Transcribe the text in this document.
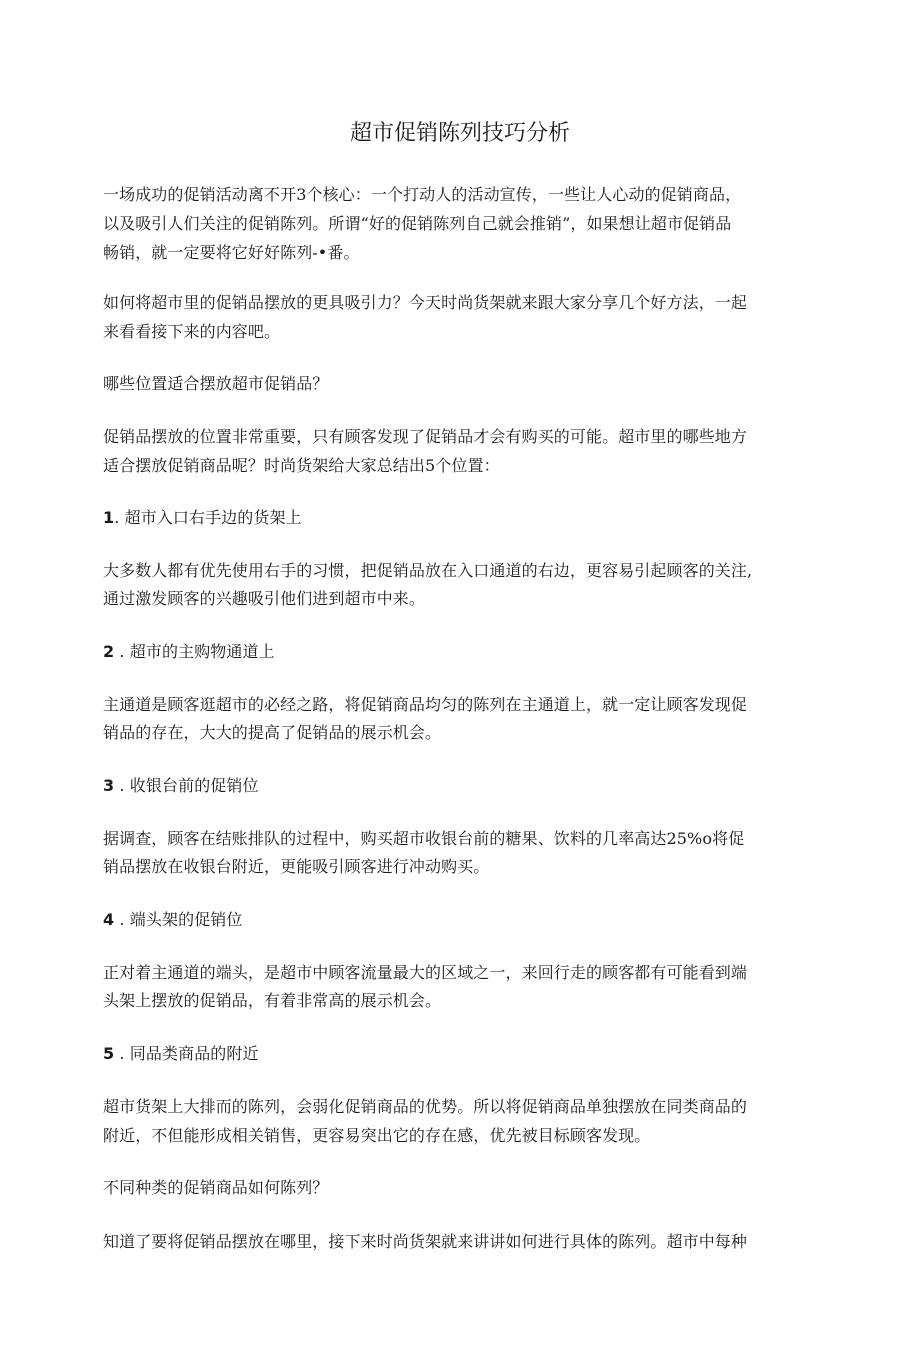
超市促销陈列技巧分析
一场成功的促销活动离不开3个核心：一个打动人的活动宣传，一些让人心动的促销商品，
以及吸引人们关注的促销陈列。所谓“好的促销陈列自己就会推销”，如果想让超市促销品
畅销，就一定要将它好好陈列-•番。
如何将超市里的促销品摆放的更具吸引力？今天时尚货架就来跟大家分享几个好方法，一起
来看看接下来的内容吧。
哪些位置适合摆放超市促销品？
促销品摆放的位置非常重要，只有顾客发现了促销品才会有购买的可能。超市里的哪些地方
适合摆放促销商品呢？时尚货架给大家总结出5个位置：
1. 超市入口右手边的货架上
大多数人都有优先使用右手的习惯，把促销品放在入口通道的右边，更容易引起顾客的关注,
通过激发顾客的兴趣吸引他们进到超市中来。
2 . 超市的主购物通道上
主通道是顾客逛超市的必经之路，将促销商品均匀的陈列在主通道上，就一定让顾客发现促
销品的存在，大大的提高了促销品的展示机会。
3 . 收银台前的促销位
据调查，顾客在结账排队的过程中，购买超市收银台前的糖果、饮料的几率高达25%o将促
销品摆放在收银台附近，更能吸引顾客进行冲动购买。
4 . 端头架的促销位
正对着主通道的端头，是超市中顾客流量最大的区域之一，来回行走的顾客都有可能看到端
头架上摆放的促销品，有着非常高的展示机会。
5 . 同品类商品的附近
超市货架上大排而的陈列，会弱化促销商品的优势。所以将促销商品单独摆放在同类商品的
附近，不但能形成相关销售，更容易突出它的存在感，优先被目标顾客发现。
不同种类的促销商品如何陈列？
知道了要将促销品摆放在哪里，接下来时尚货架就来讲讲如何进行具体的陈列。超市中每种
